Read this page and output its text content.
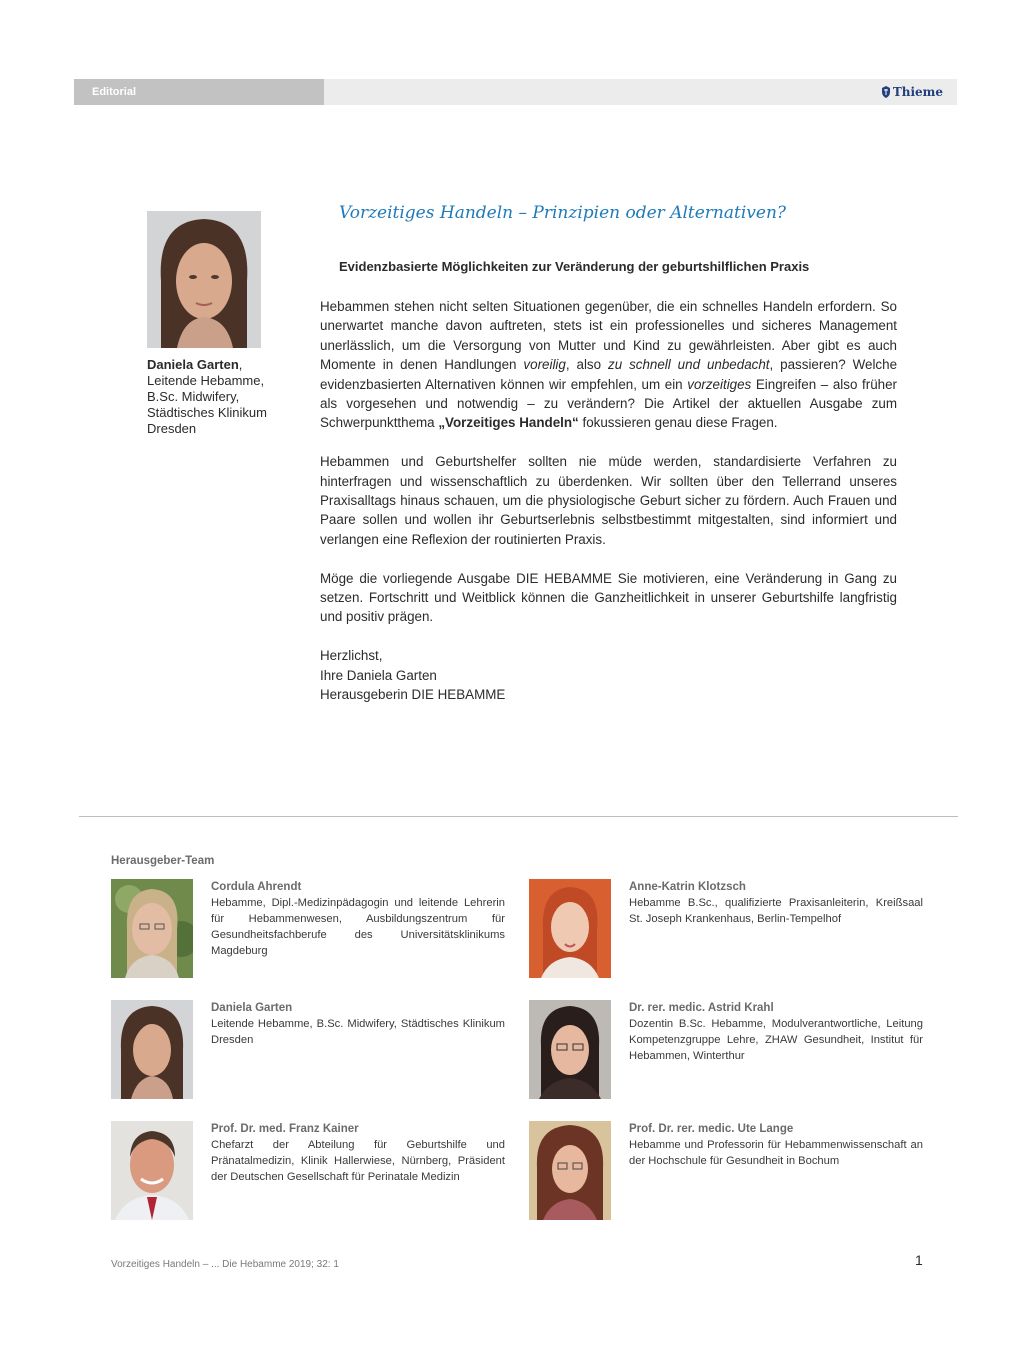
Editorial	Thieme
Daniela Garten,
Leitende Hebamme,
B.Sc. Midwifery,
Städtisches Klinikum
Dresden
Vorzeitiges Handeln – Prinzipien oder Alternativen?
Evidenzbasierte Möglichkeiten zur Veränderung der geburtshilflichen Praxis

Hebammen stehen nicht selten Situationen gegenüber, die ein schnelles Handeln erfordern. So unerwartet manche davon auftreten, stets ist ein professionelles und sicheres Management unerlässlich, um die Versorgung von Mutter und Kind zu gewährleisten. Aber gibt es auch Momente in denen Handlungen voreilig, also zu schnell und unbedacht, passieren? Welche evidenzbasierten Alternativen können wir empfehlen, um ein vorzeitiges Eingreifen – also früher als vorgesehen und notwendig – zu verändern? Die Artikel der aktuellen Ausgabe zum Schwerpunktthema „Vorzeitiges Handeln“ fokussieren genau diese Fragen.

Hebammen und Geburtshelfer sollten nie müde werden, standardisierte Verfahren zu hinterfragen und wissenschaftlich zu überdenken. Wir sollten über den Tellerrand unseres Praxisalltags hinaus schauen, um die physiologische Geburt sicher zu fördern. Auch Frauen und Paare sollen und wollen ihr Geburtserlebnis selbstbestimmt mitgestalten, sind informiert und verlangen eine Reflexion der routinierten Praxis.

Möge die vorliegende Ausgabe DIE HEBAMME Sie motivieren, eine Veränderung in Gang zu setzen. Fortschritt und Weitblick können die Ganzheitlichkeit in unserer Geburtshilfe langfristig und positiv prägen.

Herzlichst,

Ihre Daniela Garten

Herausgeberin DIE HEBAMME

Herausgeber-Team
Cordula Ahrendt
Hebamme, Dipl.-Medizinpädagogin und leitende Lehrerin für Hebammenwesen, Ausbildungszentrum für Gesundheitsfachberufe des Universitätsklinikums Magdeburg
Anne-Katrin Klotzsch
Hebamme B.Sc., qualifizierte Praxisanleiterin, Kreißsaal St. Joseph Krankenhaus, Berlin-Tempelhof
Daniela Garten
Leitende Hebamme, B.Sc. Midwifery, Städtisches Klinikum Dresden
Dr. rer. medic. Astrid Krahl
Dozentin B.Sc. Hebamme, Modulverantwortliche, Leitung Kompetenzgruppe Lehre, ZHAW Gesundheit, Institut für Hebammen, Winterthur
Prof. Dr. med. Franz Kainer
Chefarzt der Abteilung für Geburtshilfe und Pränatalmedizin, Klinik Hallerwiese, Nürnberg, Präsident der Deutschen Gesellschaft für Perinatale Medizin
Prof. Dr. rer. medic. Ute Lange
Hebamme und Professorin für Hebammenwissenschaft an der Hochschule für Gesundheit in Bochum
Vorzeitiges Handeln – ... Die Hebamme 2019; 32: 1	1
